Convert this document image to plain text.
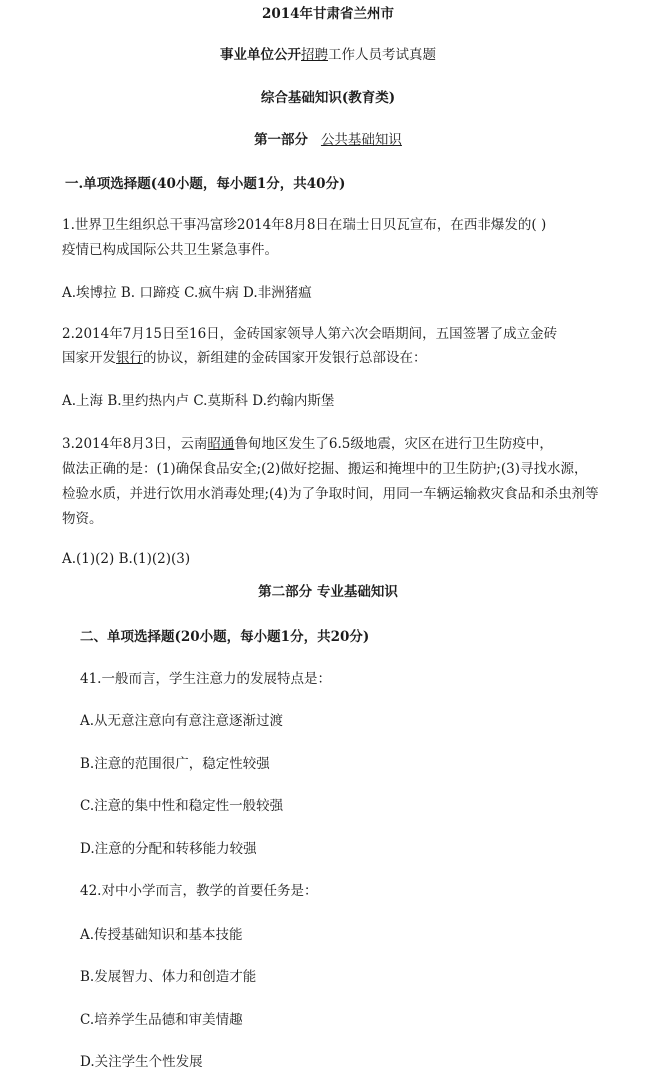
2014年甘肃省兰州市
事业单位公开招聘工作人员考试真题
综合基础知识(教育类)
第一部分 公共基础知识
一.单项选择题(40小题，每小题1分，共40分)
1.世界卫生组织总干事冯富珍2014年8月8日在瑞士日贝瓦宣布，在西非爆发的( )
疫情已构成国际公共卫生紧急事件。
A.埃博拉 B. 口蹄疫 C.疯牛病 D.非洲猪瘟
2.2014年7月15日至16日，金砖国家领导人第六次会晤期间，五国签署了成立金砖
国家开发银行的协议，新组建的金砖国家开发银行总部设在：
A.上海 B.里约热内卢 C.莫斯科 D.约翰内斯堡
3.2014年8月3日，云南昭通鲁甸地区发生了6.5级地震，灾区在进行卫生防疫中，
做法正确的是：(1)确保食品安全;(2)做好挖掘、搬运和掩埋中的卫生防护;(3)寻找水源，
检验水质，并进行饮用水消毒处理;(4)为了争取时间，用同一车辆运输救灾食品和杀虫剂等
物资。
A.(1)(2) B.(1)(2)(3)
第二部分 专业基础知识
二、单项选择题(20小题，每小题1分，共20分)
41.一般而言，学生注意力的发展特点是：
A.从无意注意向有意注意逐渐过渡
B.注意的范围很广，稳定性较强
C.注意的集中性和稳定性一般较强
D.注意的分配和转移能力较强
42.对中小学而言，教学的首要任务是：
A.传授基础知识和基本技能
B.发展智力、体力和创造才能
C.培养学生品德和审美情趣
D.关注学生个性发展
